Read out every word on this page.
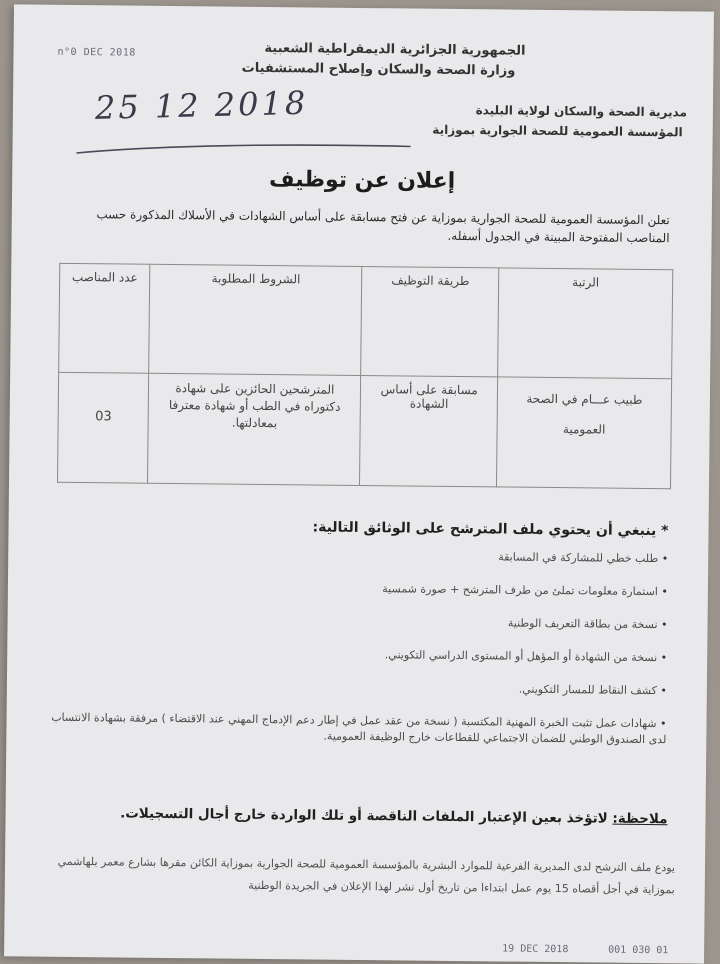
n°0 DEC 2018	الجمهورية الجزائرية الديمقراطية الشعبية
وزارة الصحة والسكان وإصلاح المستشفيات
25 12 2018	مديرية الصحة والسكان لولاية البليدة
المؤسسة العمومية للصحة الجوارية بموزاية
إعلان عن توظيف
تعلن المؤسسة العمومية للصحة الجوارية بموزاية عن فتح مسابقة على أساس الشهادات في الأسلاك المذكورة حسب المناصب المفتوحة المبينة في الجدول أسفله.
الرتبة	طريقة التوظيف	الشروط المطلوبة	عدد المناصب
طبيب عـــام في الصحة العمومية	مسابقة على أساس الشهادة	المترشحين الحائزين على شهادة دكتوراه في الطب أو شهادة معترفا بمعادلتها.	03
* ينبغي أن يحتوي ملف المترشح على الوثائق التالية:
• طلب خطي للمشاركة في المسابقة
• استمارة معلومات تملئ من طرف المترشح + صورة شمسية
• نسخة من بطاقة التعريف الوطنية
• نسخة من الشهادة أو المؤهل أو المستوى الدراسي التكويني.
• كشف النقاط للمسار التكويني.
• شهادات عمل تثبت الخبرة المهنية المكتسبة ( نسخة من عقد عمل في إطار دعم الإدماج المهني عند الاقتضاء ) مرفقة بشهادة الانتساب لدى الصندوق الوطني للضمان الاجتماعي للقطاعات خارج الوظيفة العمومية.
ملاحظة: لاتؤخذ بعين الإعتبار الملفات الناقصة أو تلك الواردة خارج أجال التسجيلات.
يودع ملف الترشح لدى المديرية الفرعية للموارد البشرية بالمؤسسة العمومية للصحة الجوارية بموزاية الكائن مقرها بشارع معمر بلهاشمي بموزاية في أجل أقصاه 15 يوم عمل ابتداءا من تاريخ أول نشر لهذا الإعلان في الجريدة الوطنية
19 DEC 2018	001 030 01
